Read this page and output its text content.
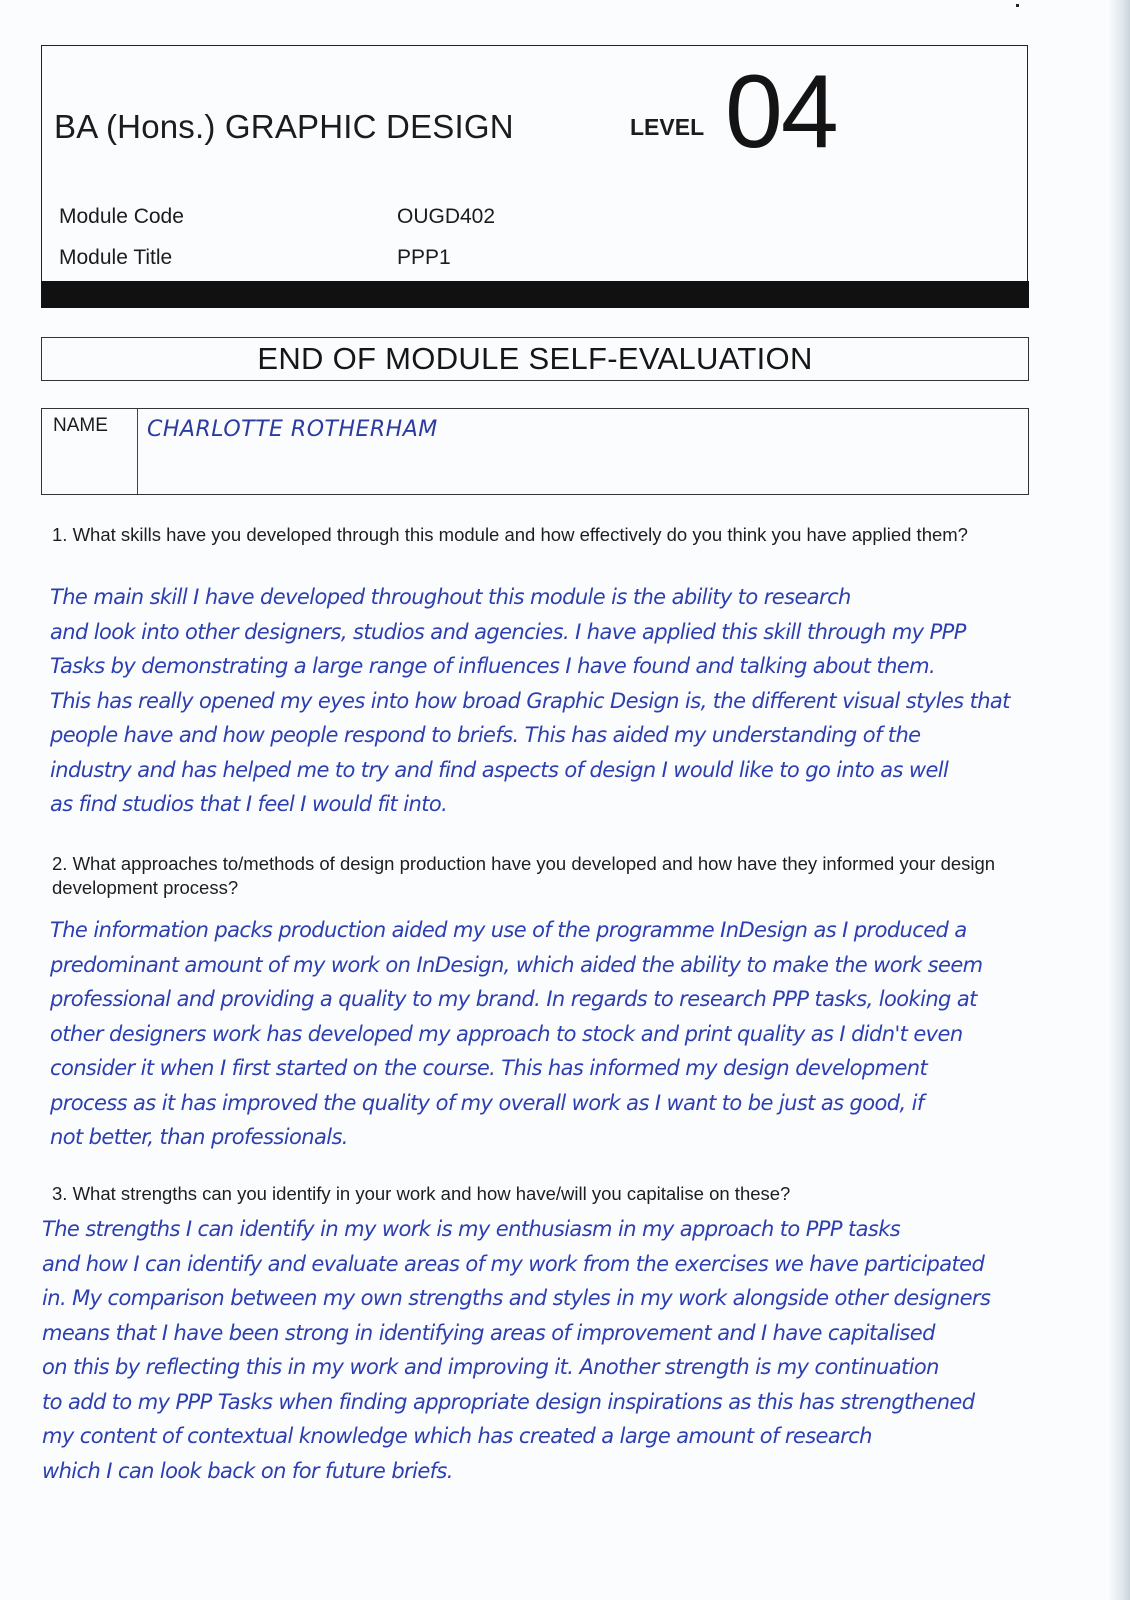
BA (Hons.) GRAPHIC DESIGN	LEVEL 04
Module Code	OUGD402
Module Title	PPP1
END OF MODULE SELF-EVALUATION
NAME	CHARLOTTE ROTHERHAM
1. What skills have you developed through this module and how effectively do you think you have applied them?
The main skill I have developed throughout this module is the ability to research
and look into other designers, studios and agencies. I have applied this skill through my PPP
Tasks by demonstrating a large range of influences I have found and talking about them.
This has really opened my eyes into how broad Graphic Design is, the different visual styles that
people have and how people respond to briefs. This has aided my understanding of the
industry and has helped me to try and find aspects of design I would like to go into as well
as find studios that I feel I would fit into.
2. What approaches to/methods of design production have you developed and how have they informed your design development process?
The information packs production aided my use of the programme InDesign as I produced a
predominant amount of my work on InDesign, which aided the ability to make the work seem
professional and providing a quality to my brand. In regards to research PPP tasks, looking at
other designers work has developed my approach to stock and print quality as I didn't even
consider it when I first started on the course. This has informed my design development
process as it has improved the quality of my overall work as I want to be just as good, if
not better, than professionals.
3. What strengths can you identify in your work and how have/will you capitalise on these?
The strengths I can identify in my work is my enthusiasm in my approach to PPP tasks
and how I can identify and evaluate areas of my work from the exercises we have participated
in. My comparison between my own strengths and styles in my work alongside other designers
means that I have been strong in identifying areas of improvement and I have capitalised
on this by reflecting this in my work and improving it. Another strength is my continuation
to add to my PPP Tasks when finding appropriate design inspirations as this has strengthened
my content of contextual knowledge which has created a large amount of research
which I can look back on for future briefs.
